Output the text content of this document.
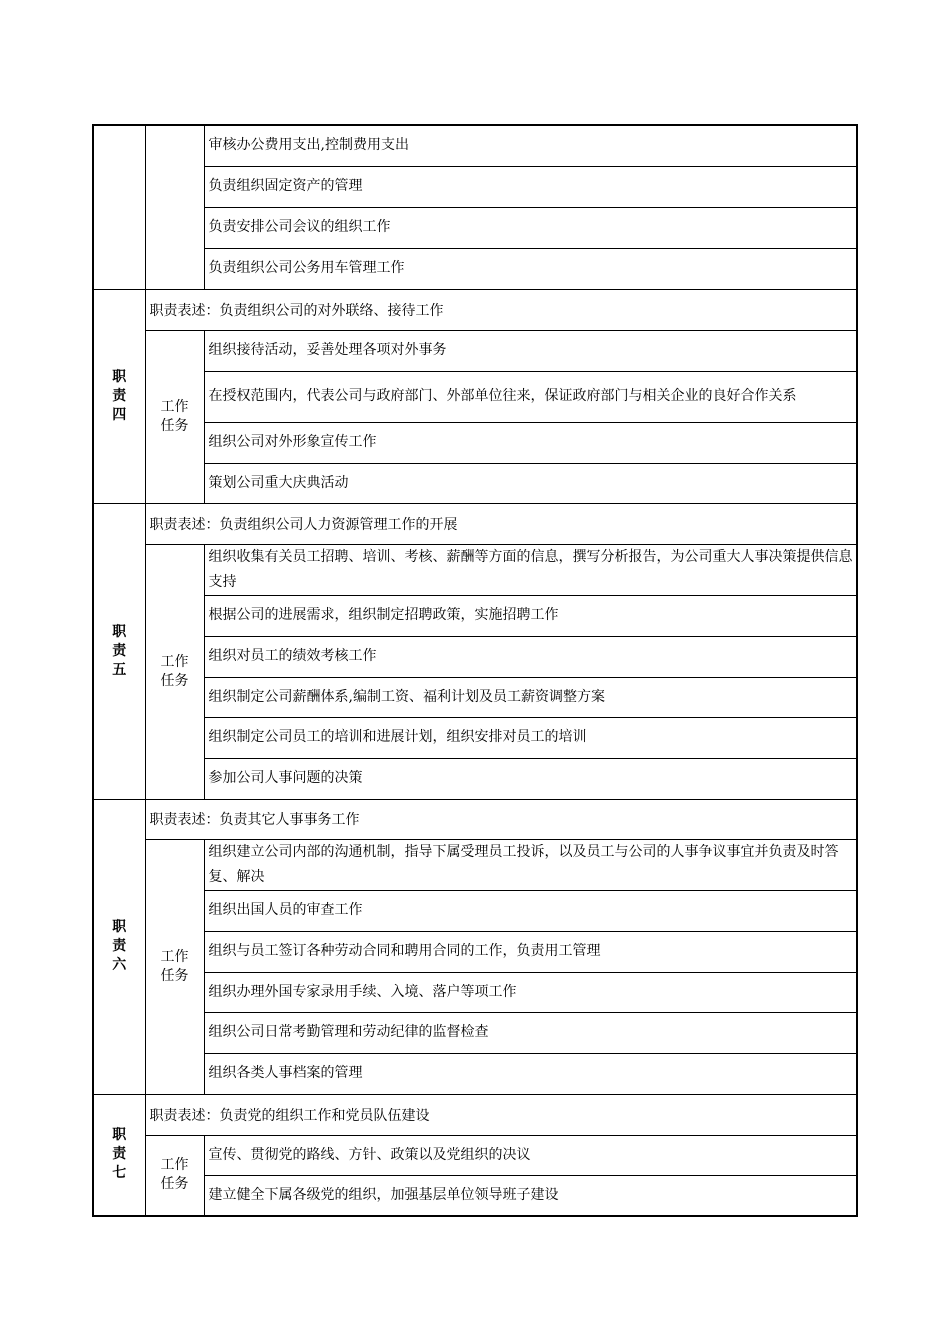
		审核办公费用支出,控制费用支出
		负责组织固定资产的管理
		负责安排公司会议的组织工作
		负责组织公司公务用车管理工作
职责四	职责表述：负责组织公司的对外联络、接待工作	
	工作任务	组织接待活动，妥善处理各项对外事务
		在授权范围内，代表公司与政府部门、外部单位往来，保证政府部门与相关企业的良好合作关系
		组织公司对外形象宣传工作
		策划公司重大庆典活动
职责五	职责表述：负责组织公司人力资源管理工作的开展	
	工作任务	组织收集有关员工招聘、培训、考核、薪酬等方面的信息，撰写分析报告，为公司重大人事决策提供信息支持
		根据公司的进展需求，组织制定招聘政策，实施招聘工作
		组织对员工的绩效考核工作
		组织制定公司薪酬体系,编制工资、福利计划及员工薪资调整方案
		组织制定公司员工的培训和进展计划，组织安排对员工的培训
		参加公司人事问题的决策
职责六	职责表述：负责其它人事事务工作	
	工作任务	组织建立公司内部的沟通机制，指导下属受理员工投诉，以及员工与公司的人事争议事宜并负责及时答复、解决
		组织出国人员的审查工作
		组织与员工签订各种劳动合同和聘用合同的工作，负责用工管理
		组织办理外国专家录用手续、入境、落户等项工作
		组织公司日常考勤管理和劳动纪律的监督检查
		组织各类人事档案的管理
职责七	职责表述：负责党的组织工作和党员队伍建设	
	工作任务	宣传、贯彻党的路线、方针、政策以及党组织的决议
		建立健全下属各级党的组织，加强基层单位领导班子建设
